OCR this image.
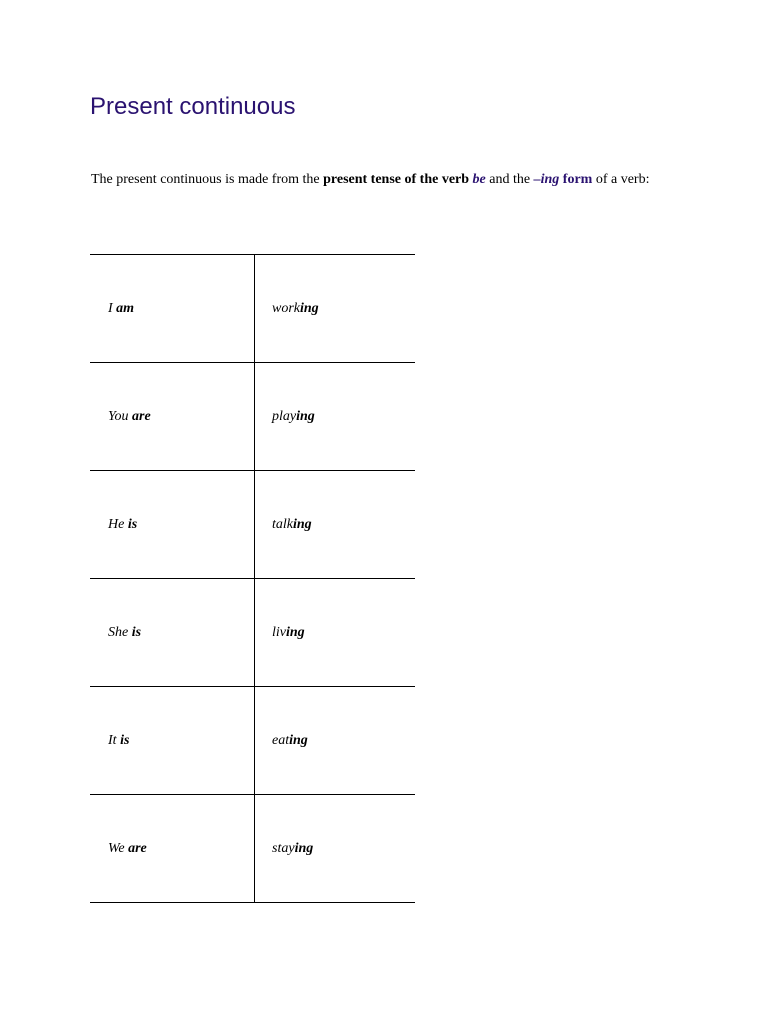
Present continuous

The present continuous is made from the present tense of the verb be and the –ing form of a verb:

I am	working
You are	playing
He is	talking
She is	living
It is	eating
We are	staying
